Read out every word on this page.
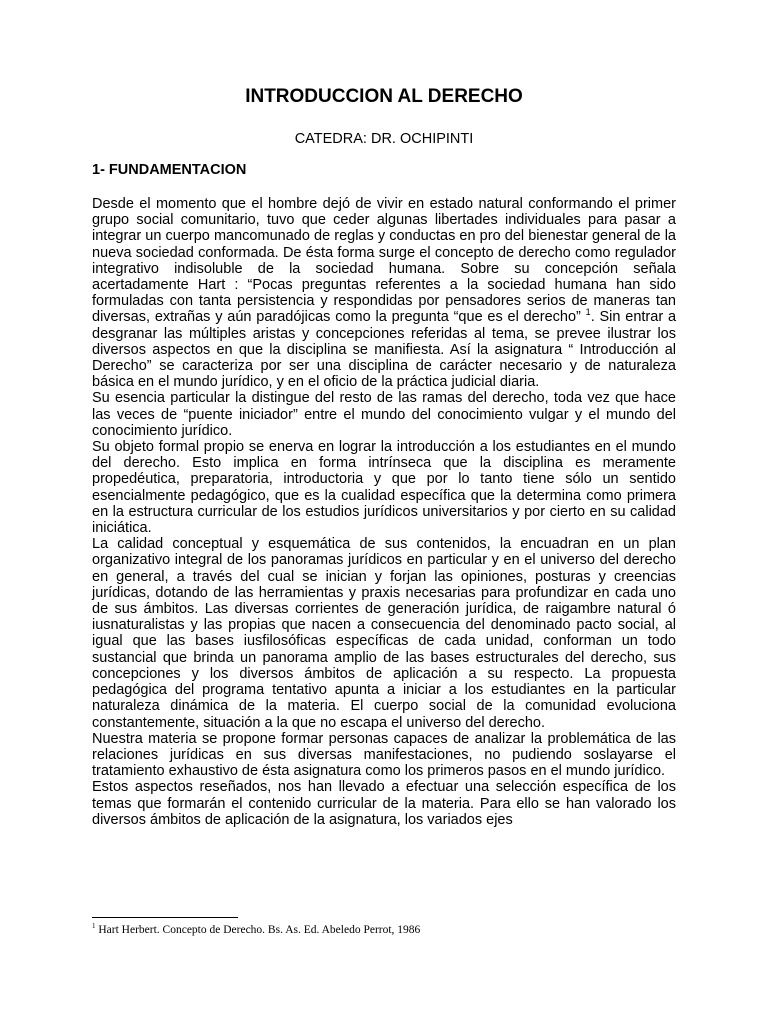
INTRODUCCION AL DERECHO
CATEDRA: DR. OCHIPINTI
1- FUNDAMENTACION

Desde el momento que el hombre dejó de vivir en estado natural conformando el primer grupo social comunitario, tuvo que ceder algunas libertades individuales para pasar a integrar un cuerpo mancomunado de reglas y conductas en pro del bienestar general de la nueva sociedad conformada. De ésta forma surge el concepto de derecho como regulador integrativo indisoluble de la sociedad humana. Sobre su concepción señala acertadamente Hart : “Pocas preguntas referentes a la sociedad humana han sido formuladas con tanta persistencia y respondidas por pensadores serios de maneras tan diversas, extrañas y aún paradójicas como la pregunta “que es el derecho” $^1$. Sin entrar a desgranar las múltiples aristas y concepciones referidas al tema, se prevee ilustrar los diversos aspectos en que la disciplina se manifiesta. Así la asignatura “ Introducción al Derecho” se caracteriza por ser una disciplina de carácter necesario y de naturaleza básica en el mundo jurídico, y en el oficio de la práctica judicial diaria.

Su esencia particular la distingue del resto de las ramas del derecho, toda vez que hace las veces de “puente iniciador” entre el mundo del conocimiento vulgar y el mundo del conocimiento jurídico.

Su objeto formal propio se enerva en lograr la introducción a los estudiantes en el mundo del derecho. Esto implica en forma intrínseca que la disciplina es meramente propedéutica, preparatoria, introductoria y que por lo tanto tiene sólo un sentido esencialmente pedagógico, que es la cualidad específica que la determina como primera en la estructura curricular de los estudios jurídicos universitarios y por cierto en su calidad iniciática.

La calidad conceptual y esquemática de sus contenidos, la encuadran en un plan organizativo integral de los panoramas jurídicos en particular y en el universo del derecho en general, a través del cual se inician y forjan las opiniones, posturas y creencias jurídicas, dotando de las herramientas y praxis necesarias para profundizar en cada uno de sus ámbitos. Las diversas corrientes de generación jurídica, de raigambre natural ó iusnaturalistas y las propias que nacen a consecuencia del denominado pacto social, al igual que las bases iusfilosóficas específicas de cada unidad, conforman un todo sustancial que brinda un panorama amplio de las bases estructurales del derecho, sus concepciones y los diversos ámbitos de aplicación a su respecto. La propuesta pedagógica del programa tentativo apunta a iniciar a los estudiantes en la particular naturaleza dinámica de la materia. El cuerpo social de la comunidad evoluciona constantemente, situación a la que no escapa el universo del derecho.

Nuestra materia se propone formar personas capaces de analizar la problemática de las relaciones jurídicas en sus diversas manifestaciones, no pudiendo soslayarse el tratamiento exhaustivo de ésta asignatura como los primeros pasos en el mundo jurídico.

Estos aspectos reseñados, nos han llevado a efectuar una selección específica de los temas que formarán el contenido curricular de la materia. Para ello se han valorado los diversos ámbitos de aplicación de la asignatura, los variados ejes

$^1$ Hart Herbert. Concepto de Derecho. Bs. As. Ed. Abeledo Perrot, 1986
